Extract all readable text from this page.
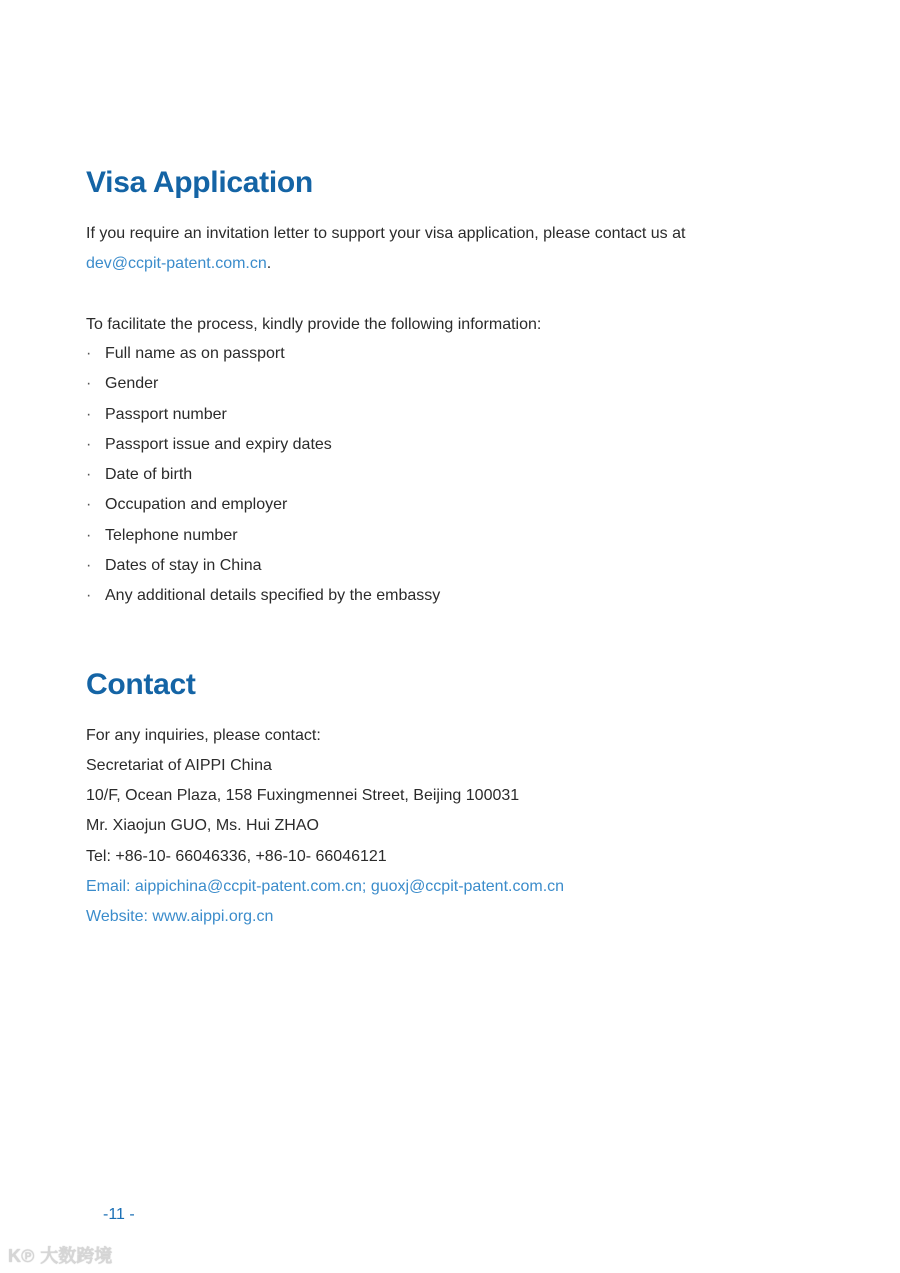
Visa Application

If you require an invitation letter to support your visa application, please contact us at

dev@ccpit-patent.com.cn.

To facilitate the process, kindly provide the following information:

· Full name as on passport
· Gender
· Passport number
· Passport issue and expiry dates
· Date of birth
· Occupation and employer
· Telephone number
· Dates of stay in China
· Any additional details specified by the embassy
Contact

For any inquiries, please contact:

Secretariat of AIPPI China

10/F, Ocean Plaza, 158 Fuxingmennei Street, Beijing 100031

Mr. Xiaojun GUO, Ms. Hui ZHAO

Tel: +86-10- 66046336, +86-10- 66046121

Email: aippichina@ccpit-patent.com.cn; guoxj@ccpit-patent.com.cn

Website: www.aippi.org.cn

-11 -
K℗ 大数跨境
